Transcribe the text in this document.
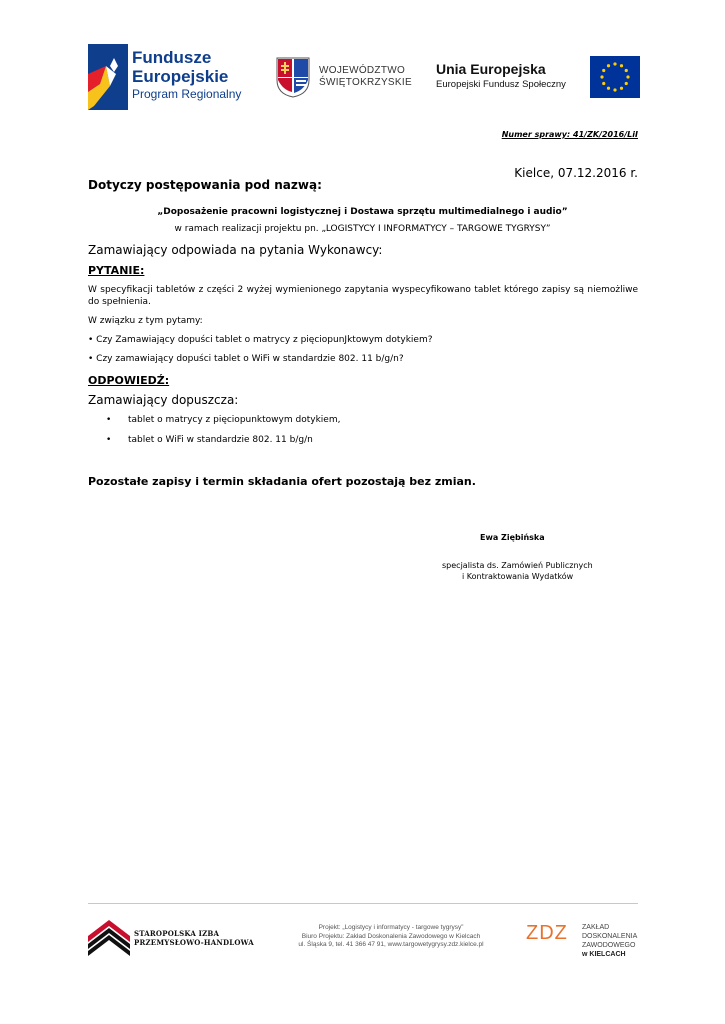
Fundusze
Europejskie
Program Regionalny
WOJEWÓDZTWO
ŚWIĘTOKRZYSKIE
Unia Europejska
Europejski Fundusz Społeczny
Numer sprawy: 41/ZK/2016/LiI
Kielce, 07.12.2016 r.
Dotyczy postępowania pod nazwą:
„Doposażenie pracowni logistycznej i Dostawa sprzętu multimedialnego i audio”
w ramach realizacji projektu pn. „LOGISTYCY I INFORMATYCY – TARGOWE TYGRYSY”
Zamawiający odpowiada na pytania Wykonawcy:
PYTANIE:
W specyfikacji tabletów z części 2 wyżej wymienionego zapytania wyspecyfikowano tablet którego zapisy są niemożliwe do spełnienia.
W związku z tym pytamy:
• Czy Zamawiający dopuści tablet o matrycy z pięciopunJktowym dotykiem?
• Czy zamawiający dopuści tablet o WiFi w standardzie 802. 11 b/g/n?
ODPOWIEDŹ:
Zamawiający dopuszcza:
• tablet o matrycy z pięciopunktowym dotykiem,
• tablet o WiFi w standardzie 802. 11 b/g/n
Pozostałe zapisy i termin składania ofert pozostają bez zmian.
Ewa Ziębińska
specjalista ds. Zamówień Publicznych
i Kontraktowania Wydatków
STAROPOLSKA IZBA
PRZEMYSŁOWO-HANDLOWA
Projekt: „Logistycy i informatycy - targowe tygrysy”
Biuro Projektu: Zakład Doskonalenia Zawodowego w Kielcach
ul. Śląska 9, tel. 41 366 47 91, www.targowetygrysy.zdz.kielce.pl
ZDZ ZAKŁAD
DOSKONALENIA
ZAWODOWEGO
w KIELCACH
